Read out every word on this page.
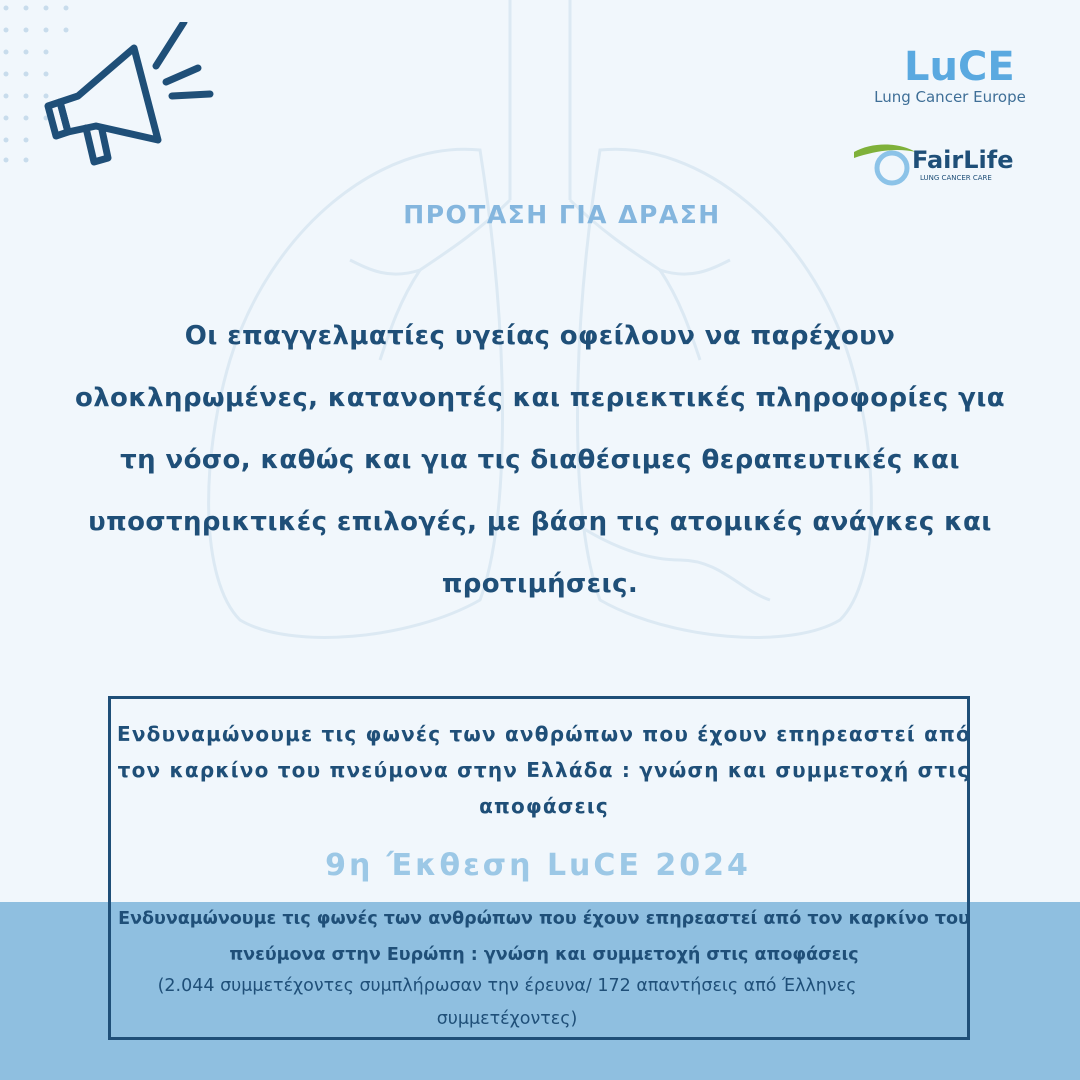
LuCE
Lung Cancer Europe
FairLife
LUNG CANCER CARE
ΠΡΟΤΑΣΗ ΓΙΑ ΔΡΑΣΗ
Οι επαγγελματίες υγείας οφείλουν να παρέχουν ολοκληρωμένες, κατανοητές και περιεκτικές πληροφορίες για τη νόσο, καθώς και για τις διαθέσιμες θεραπευτικές και υποστηρικτικές επιλογές, με βάση τις ατομικές ανάγκες και προτιμήσεις.
Ενδυναμώνουμε τις φωνές των ανθρώπων που έχουν επηρεαστεί από τον καρκίνο του πνεύμονα στην Ελλάδα : γνώση και συμμετοχή στις αποφάσεις
9η Έκθεση LuCE 2024
Ενδυναμώνουμε τις φωνές των ανθρώπων που έχουν επηρεαστεί από τον καρκίνο του πνεύμονα στην Ευρώπη : γνώση και συμμετοχή στις αποφάσεις
(2.044 συμμετέχοντες συμπλήρωσαν την έρευνα/ 172 απαντήσεις από Έλληνες συμμετέχοντες)
